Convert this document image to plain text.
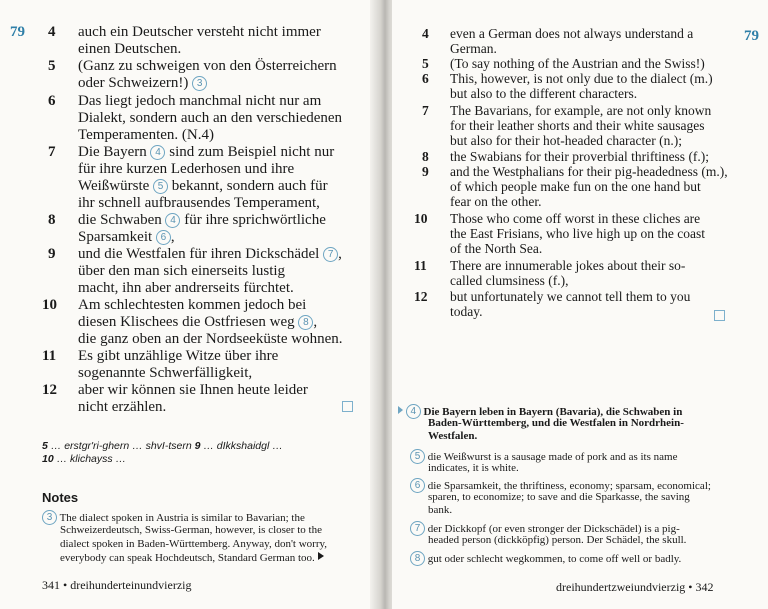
79 4 auch ein Deutscher versteht nicht immer
einen Deutschen.
5 (Ganz zu schweigen von den Österreichern
oder Schweizern!) 3
6 Das liegt jedoch manchmal nicht nur am
Dialekt, sondern auch an den verschiedenen
Temperamenten. (N.4)
7 Die Bayern 4 sind zum Beispiel nicht nur
für ihre kurzen Lederhosen und ihre
Weißwürste 5 bekannt, sondern auch für
ihr schnell aufbrausendes Temperament,
8 die Schwaben 4 für ihre sprichwörtliche
Sparsamkeit 6 ,
9 und die Westfalen für ihren Dickschädel 7 ,
über den man sich einerseits lustig
macht, ihn aber andrerseits fürchtet.
10 Am schlechtesten kommen jedoch bei
diesen Klischees die Ostfriesen weg 8 ,
die ganz oben an der Nordseeküste wohnen.
11 Es gibt unzählige Witze über ihre
sogenannte Schwerfälligkeit,
12 aber wir können sie Ihnen heute leider
nicht erzählen.
5 … erstgr'ri-ghern … shvI-tsern 9 … dIkkshaidgl …
10 … klichayss …
Notes
3 The dialect spoken in Austria is similar to Bavarian; the
Schweizerdeutsch, Swiss-German, however, is closer to the
dialect spoken in Baden-Württemberg. Anyway, don't worry,
everybody can speak Hochdeutsch, Standard German too.
341 • dreihunderteinundvierzig
79
4 even a German does not always understand a
German.
5 (To say nothing of the Austrian and the Swiss!)
6 This, however, is not only due to the dialect (m.)
but also to the different characters.
7 The Bavarians, for example, are not only known
for their leather shorts and their white sausages
but also for their hot-headed character (n.);
8 the Swabians for their proverbial thriftiness (f.);
9 and the Westphalians for their pig-headedness (m.),
of which people make fun on the one hand but
fear on the other.
10 Those who come off worst in these cliches are
the East Frisians, who live high up on the coast
of the North Sea.
11 There are innumerable jokes about their so-
called clumsiness (f.),
12 but unfortunately we cannot tell them to you
today.
4 Die Bayern leben in Bayern (Bavaria), die Schwaben in
Baden-Württemberg, und die Westfalen in Nordrhein-
Westfalen.
5 die Weißwurst is a sausage made of pork and as its name
indicates, it is white.
6 die Sparsamkeit, the thriftiness, economy; sparsam, economical;
sparen, to economize; to save and die Sparkasse, the saving
bank.
7 der Dickkopf (or even stronger der Dickschädel) is a pig-
headed person (dickköpfig) person. Der Schädel, the skull.
8 gut oder schlecht wegkommen, to come off well or badly.
dreihundertzweiundvierzig • 342
